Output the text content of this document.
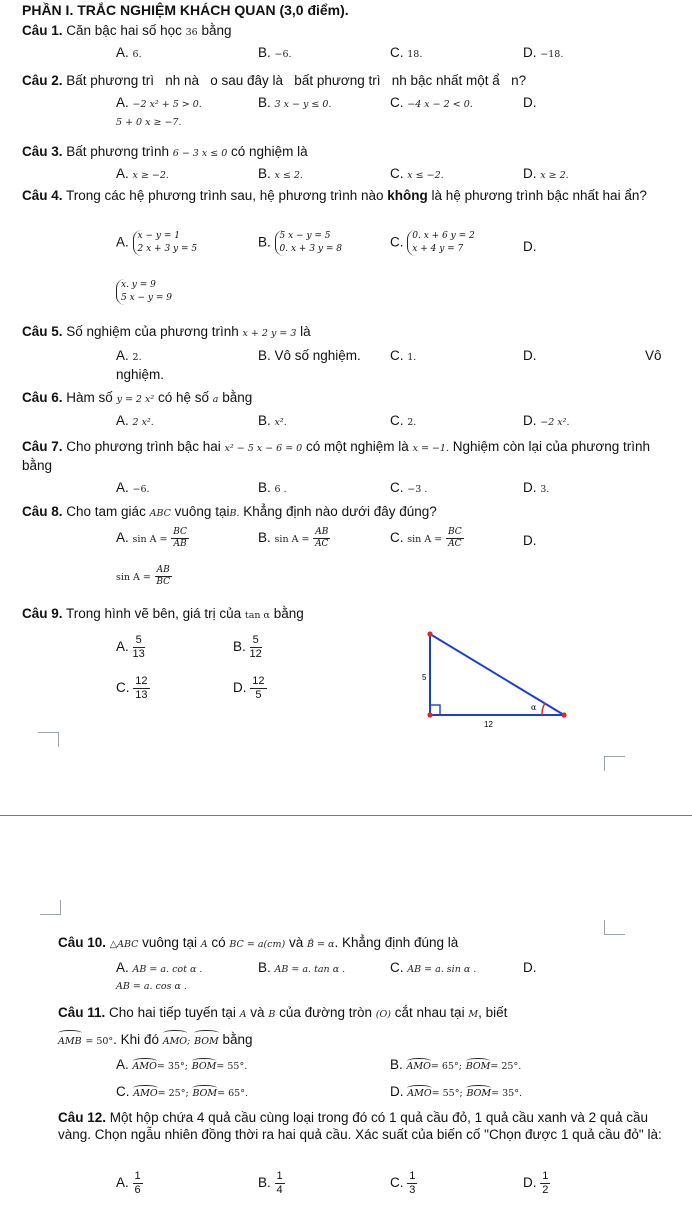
PHẦN I. TRẮC NGHIỆM KHÁCH QUAN (3,0 điểm).
Câu 1. Căn bậc hai số học 36 bằng
A. 6.	B. −6.	C. 18.	D. −18.
Câu 2. Bất phương trì   nh nà   o sau đây là   bất phương trì   nh bậc nhất một ẩ   n?
A. −2 x² + 5 > 0.	B. 3 x − y ≤ 0.	C. −4 x − 2 < 0.	D.
5 + 0 x ≥ −7.
Câu 3. Bất phương trình 6 − 3 x ≤ 0 có nghiệm là
A. x ≥ −2.	B. x ≤ 2.	C. x ≤ −2.	D. x ≥ 2.
Câu 4. Trong các hệ phương trình sau, hệ phương trình nào không là hệ phương trình bậc nhất hai ẩn?
A. x − y = 1
2 x + 3 y = 5	B. 5 x − y = 5
0. x + 3 y = 8	C. 0. x + 6 y = 2
x + 4 y = 7	D.
x. y = 9
5 x − y = 9
Câu 5. Số nghiệm của phương trình x + 2 y = 3 là
A. 2.	B. Vô số nghiệm. C. 1.	D.	Vô
nghiệm.
Câu 6. Hàm số y = 2 x² có hệ số a bằng
A. 2 x².	B. x².	C. 2.	D. −2 x².
Câu 7. Cho phương trình bậc hai x² − 5 x − 6 = 0 có một nghiệm là x = −1. Nghiệm còn lại của phương trình bằng
A. −6.	B. 6 .	C. −3 .	D. 3.
Câu 8. Cho tam giác ABC vuông tạiB. Khẳng định nào dưới đây đúng?
A. $\sin A = \frac{BC}{AB}$	B. $\sin A = \frac{AB}{AC}$	C. $\sin A = \frac{BC}{AC}$	D.
$\sin A = \frac{AB}{BC}$
Câu 9. Trong hình vẽ bên, giá trị của tan α bằng
A. $\frac{5}{13}$	B. $\frac{5}{12}$
C. $\frac{12}{13}$	D. $\frac{12}{5}$	5
12
α
Câu 10. △ABC vuông tại A có BC = a(cm) và B̂ = α. Khẳng định đúng là
A. AB = a. cot α .	B. AB = a. tan α .	C. AB = a. sin α .	D.
AB = a. cos α .
Câu 11. Cho hai tiếp tuyến tại A và B của đường tròn (O) cắt nhau tại M, biết
AMB = 50°. Khi đó AMO; BOM bằng
A. AMO= 35°; BOM= 55°.	B. AMO= 65°; BOM= 25°.
C. AMO= 25°; BOM= 65°.	D. AMO= 55°; BOM= 35°.
Câu 12. Một hộp chứa 4 quả cầu cùng loại trong đó có 1 quả cầu đỏ, 1 quả cầu xanh và 2 quả cầu vàng. Chọn ngẫu nhiên đồng thời ra hai quả cầu. Xác suất của biến cố "Chọn được 1 quả cầu đỏ" là:
A. $\frac{1}{6}$	B. $\frac{1}{4}$	C. $\frac{1}{3}$	D. $\frac{1}{2}$
